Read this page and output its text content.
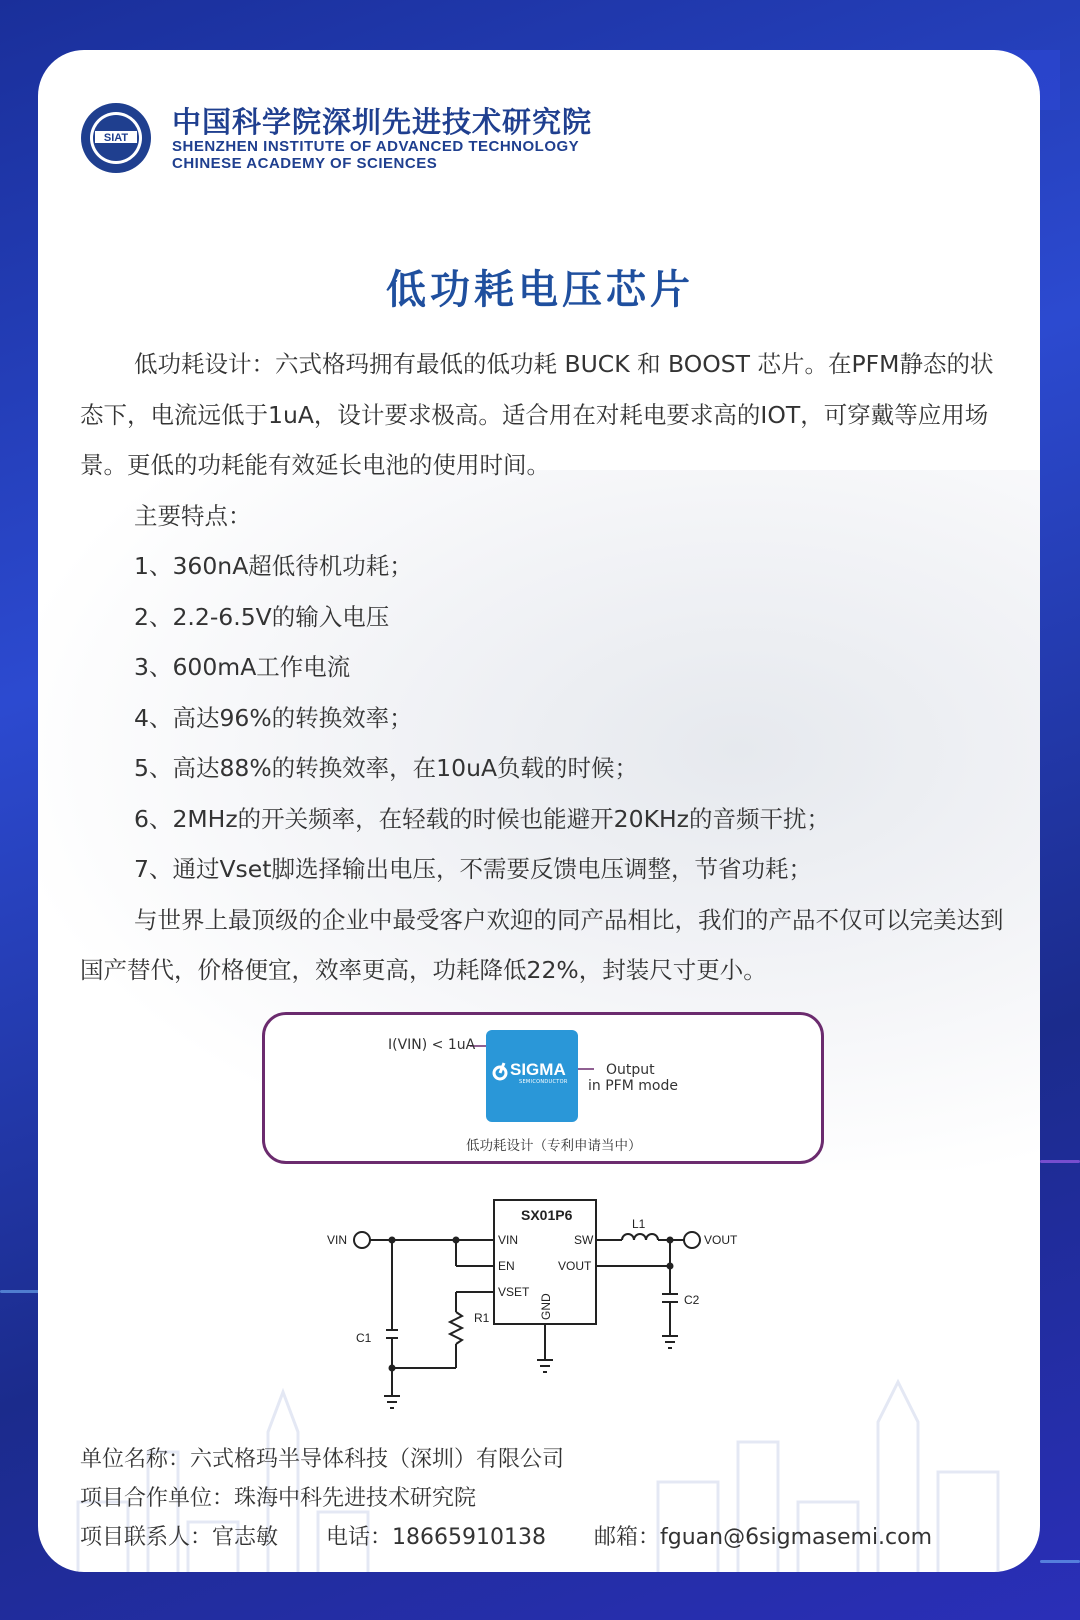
SIAT 中国科学院深圳先进技术研究院
SHENZHEN INSTITUTE OF ADVANCED TECHNOLOGY
CHINESE ACADEMY OF SCIENCES
低功耗电压芯片

低功耗设计：六式格玛拥有最低的低功耗 BUCK 和 BOOST 芯片。在PFM静态的状态下，电流远低于1uA，设计要求极高。适合用在对耗电要求高的IOT，可穿戴等应用场景。更低的功耗能有效延长电池的使用时间。

主要特点：

1、360nA超低待机功耗；

2、2.2-6.5V的输入电压

3、600mA工作电流

4、高达96%的转换效率；

5、高达88%的转换效率，在10uA负载的时候；

6、2MHz的开关频率，在轻载的时候也能避开20KHz的音频干扰；

7、通过Vset脚选择输出电压，不需要反馈电压调整，节省功耗；

与世界上最顶级的企业中最受客户欢迎的同产品相比，我们的产品不仅可以完美达到国产替代，价格便宜，效率更高，功耗降低22%，封装尺寸更小。

I(VIN) < 1uA
SIGMA
SEMICONDUCTOR
Output
in PFM mode
低功耗设计（专利申请当中）
SX01P6
VIN
EN
VSET
SW
VOUT
GND
VIN	VOUT
C1
C2
R1
L1

单位名称：六式格玛半导体科技（深圳）有限公司

项目合作单位：珠海中科先进技术研究院

项目联系人：官志敏 电话：18665910138 邮箱：fguan@6sigmasemi.com
